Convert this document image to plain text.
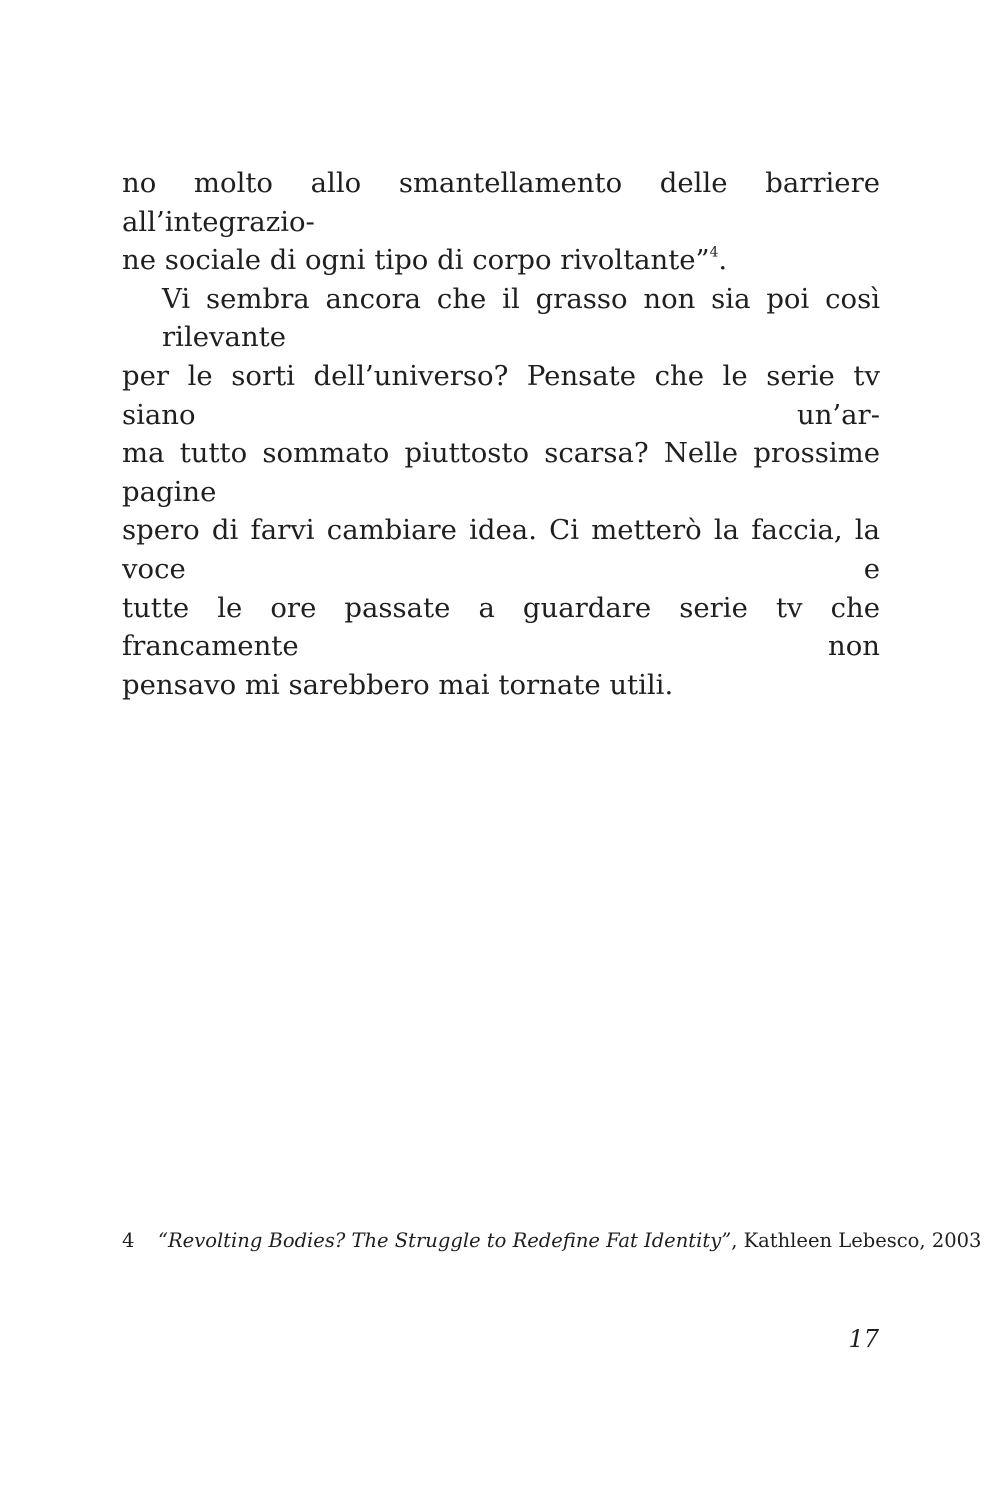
no molto allo smantellamento delle barriere all’integrazio-
ne sociale di ogni tipo di corpo rivoltante”$^4$.
Vi sembra ancora che il grasso non sia poi così rilevante
per le sorti dell’universo? Pensate che le serie tv siano un’ar-
ma tutto sommato piuttosto scarsa? Nelle prossime pagine
spero di farvi cambiare idea. Ci metterò la faccia, la voce e
tutte le ore passate a guardare serie tv che francamente non
pensavo mi sarebbero mai tornate utili.
4 “Revolting Bodies? The Struggle to Redefine Fat Identity”, Kathleen Lebesco, 2003
17
